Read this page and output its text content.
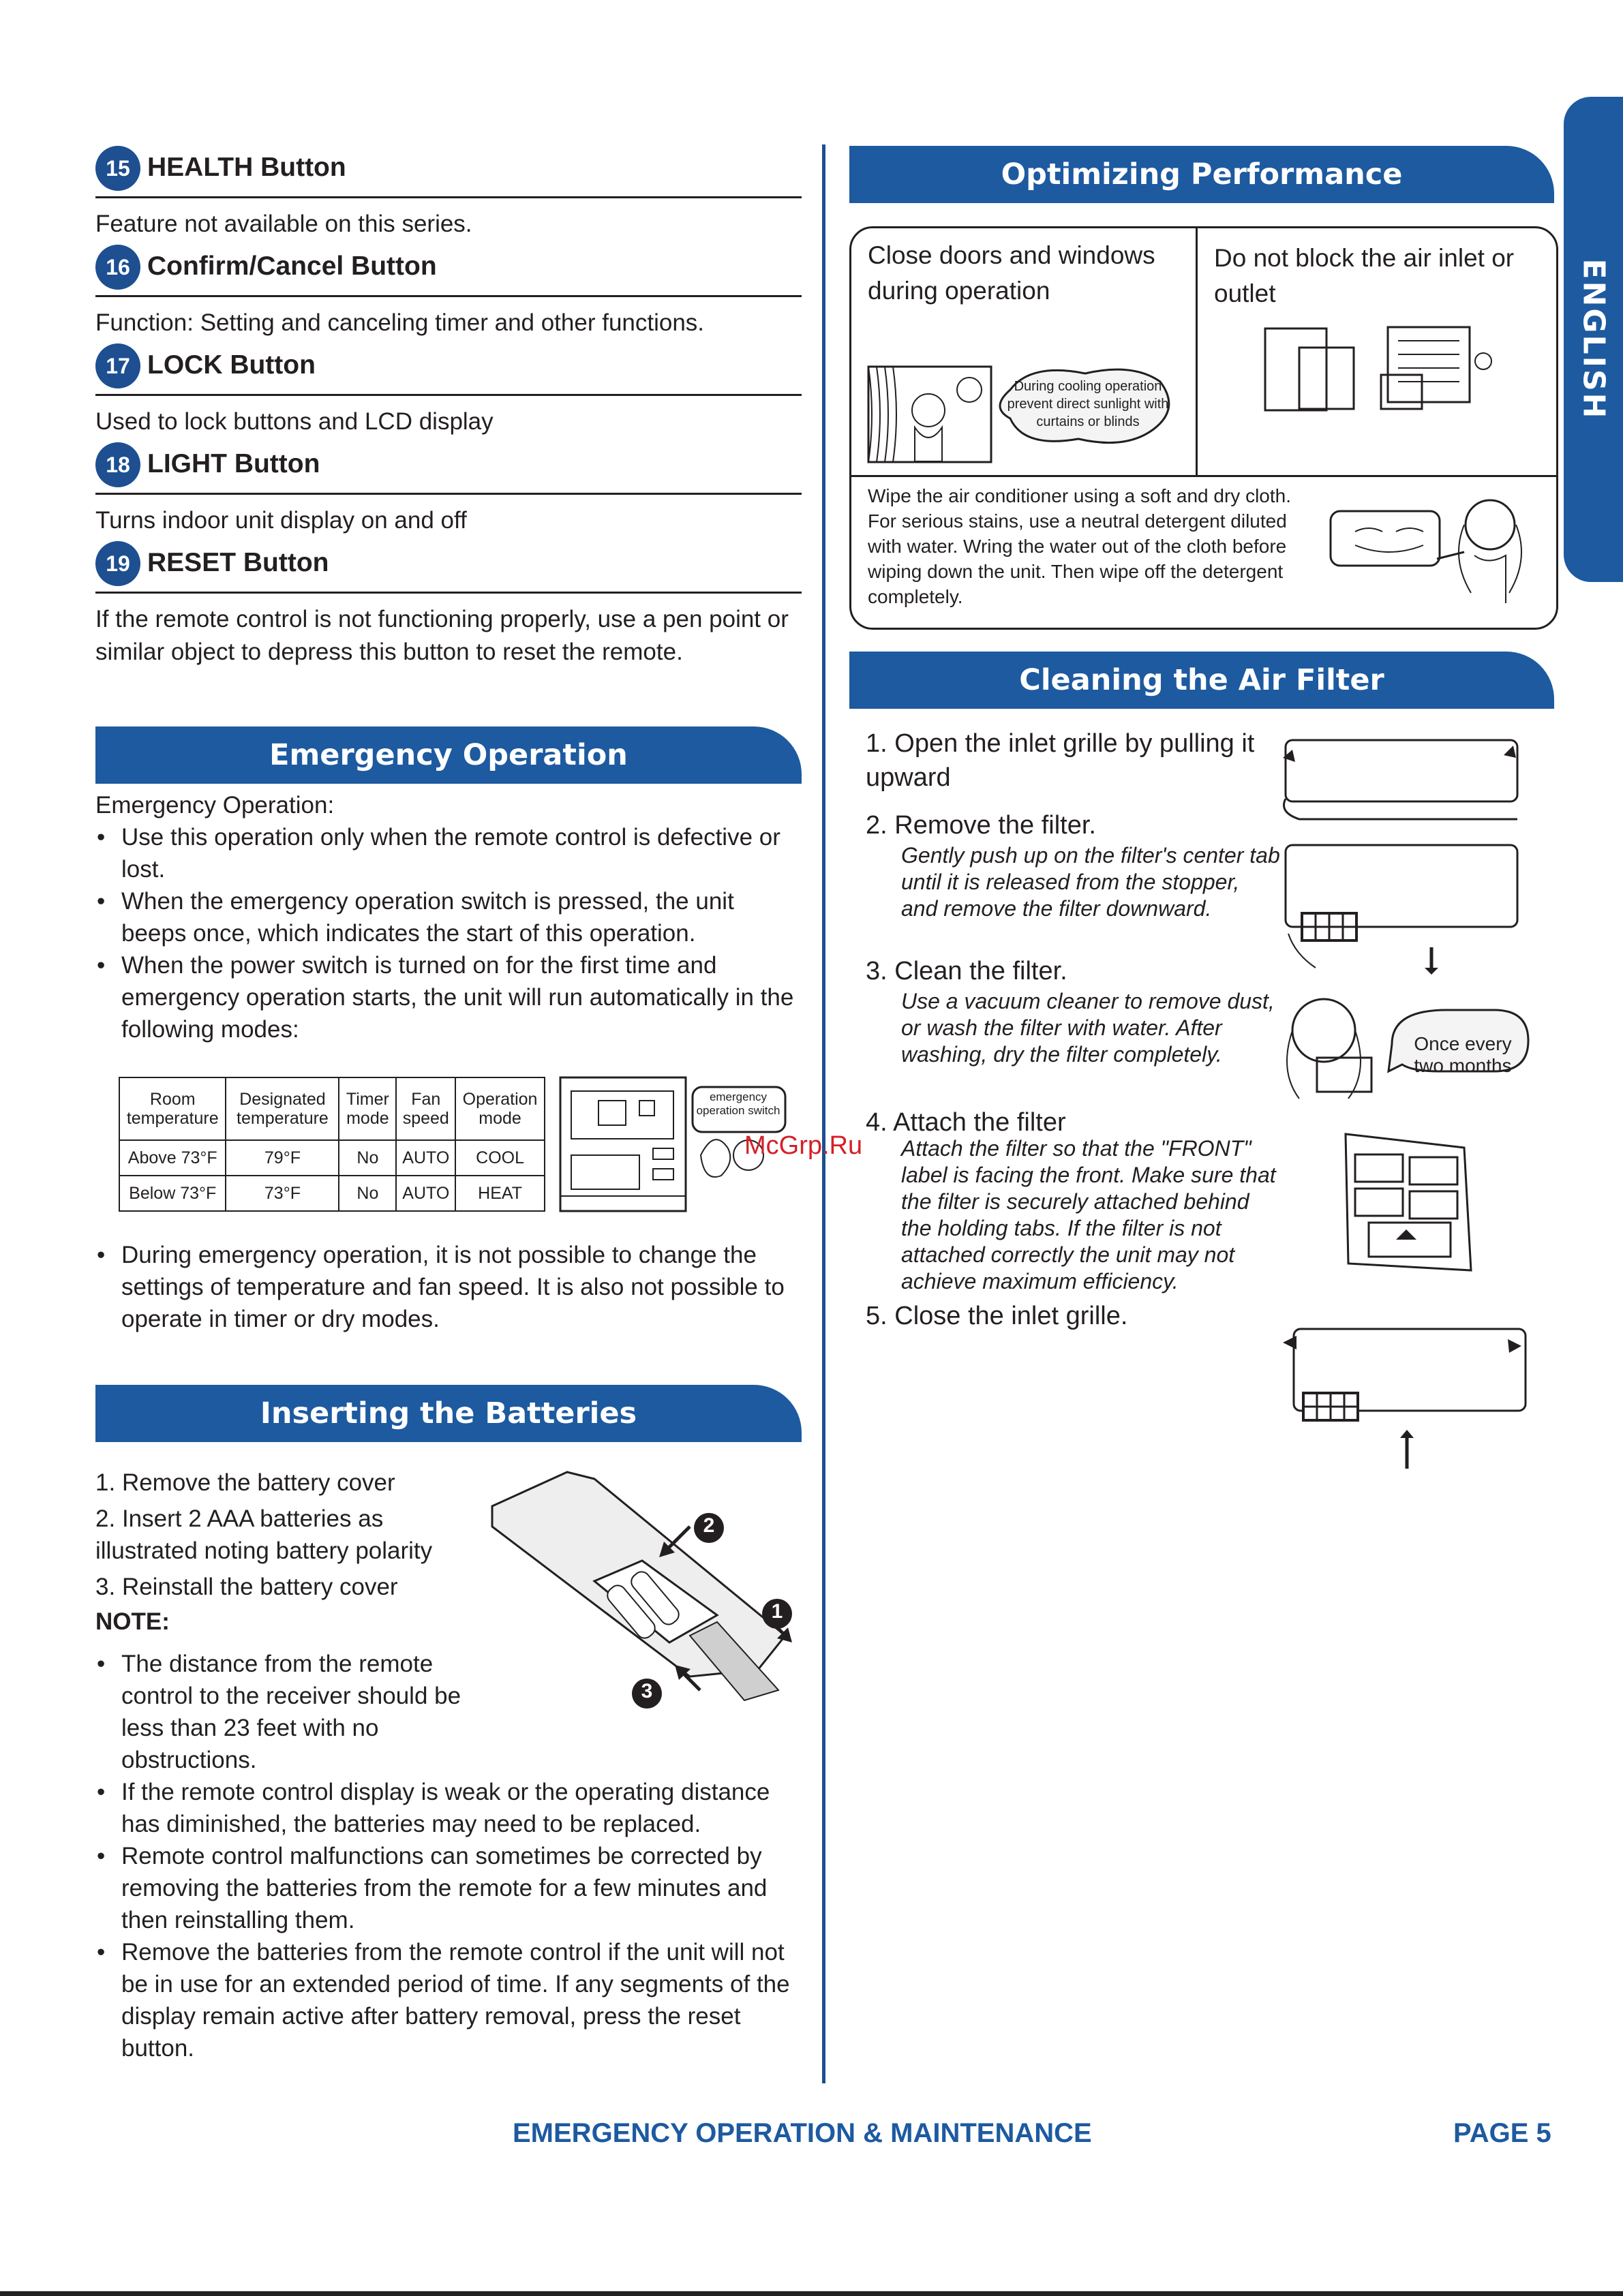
ENGLISH
15 HEALTH Button
Feature not available on this series.
16 Confirm/Cancel Button
Function: Setting and canceling timer and other functions.
17 LOCK Button
Used to lock buttons and LCD display
18 LIGHT Button
Turns indoor unit display on and off
19 RESET Button
If the remote control is not functioning properly, use a pen point or similar object to depress this button to reset the remote.
Emergency Operation
Emergency Operation:
• Use this operation only when the remote control is defective or lost.
• When the emergency operation switch is pressed, the unit beeps once, which indicates the start of this operation.
• When the power switch is turned on for the first time and emergency operation starts, the unit will run automatically in the following modes:
Room temperature	Designated temperature	Timer mode	Fan speed	Operation mode
Above 73°F	79°F	No	AUTO	COOL
Below 73°F	73°F	No	AUTO	HEAT
emergency operation switch
McGrp.Ru
• During emergency operation, it is not possible to change the settings of temperature and fan speed. It is also not possible to operate in timer or dry modes.
Inserting the Batteries
1. Remove the battery cover
2. Insert 2 AAA batteries as illustrated noting battery polarity
3. Reinstall the battery cover
NOTE:
2
1
3
• The distance from the remote control to the receiver should be less than 23 feet with no obstructions.
• If the remote control display is weak or the operating distance has diminished, the batteries may need to be replaced.
• Remote control malfunctions can sometimes be corrected by removing the batteries from the remote for a few minutes and then reinstalling them.
• Remove the batteries from the remote control if the unit will not be in use for an extended period of time. If any segments of the display remain active after battery removal, press the reset button.
Optimizing Performance
Close doors and windows during operation
Do not block the air inlet or outlet
Wipe the air conditioner using a soft and dry cloth. For serious stains, use a neutral detergent diluted with water. Wring the water out of the cloth before wiping down the unit. Then wipe off the detergent completely.
During cooling operation prevent direct sunlight with curtains or blinds
Cleaning the Air Filter
1. Open the inlet grille by pulling it upward
2. Remove the filter.
Gently push up on the filter's center tab until it is released from the stopper, and remove the filter downward.
3. Clean the filter.
Use a vacuum cleaner to remove dust, or wash the filter with water. After washing, dry the filter completely.
4. Attach the filter
Attach the filter so that the "FRONT" label is facing the front. Make sure that the filter is securely attached behind the holding tabs. If the filter is not attached correctly the unit may not achieve maximum efficiency.
5. Close the inlet grille.
Once every two months
EMERGENCY OPERATION & MAINTENANCE	PAGE 5
